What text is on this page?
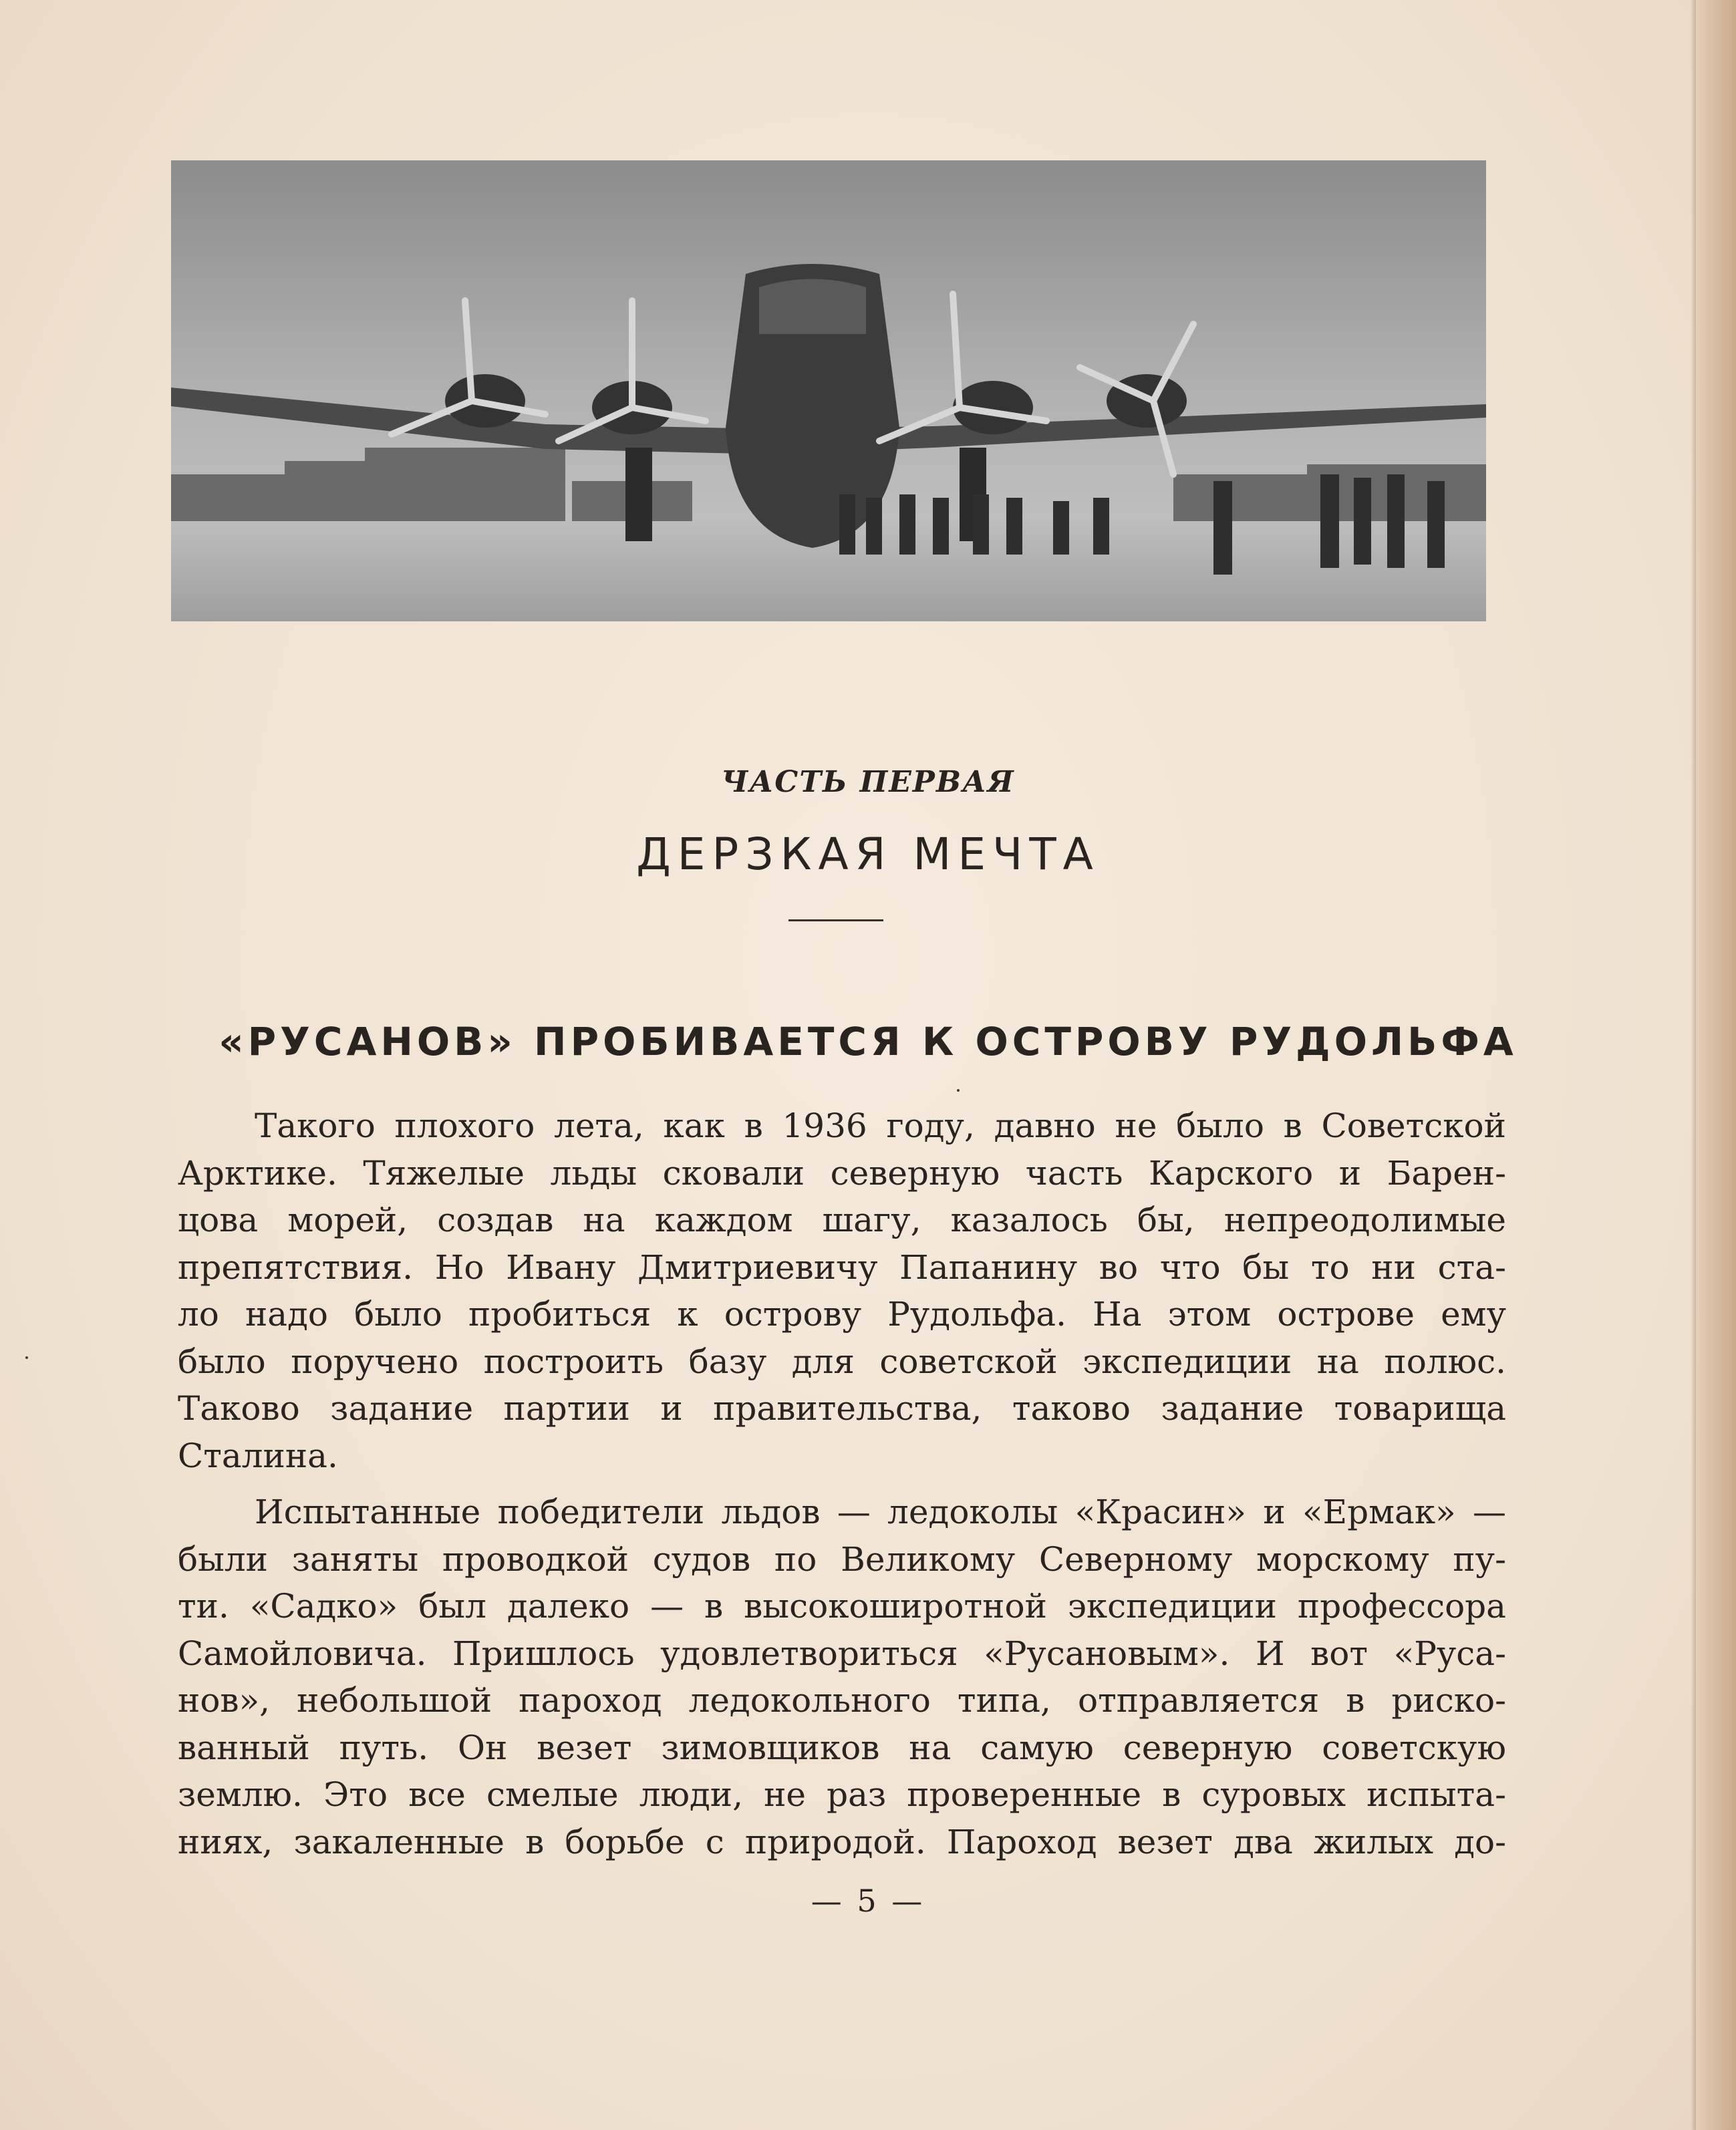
ЧАСТЬ ПЕРВАЯ
ДЕРЗКАЯ МЕЧТА
«РУСАНОВ» ПРОБИВАЕТСЯ К ОСТРОВУ РУДОЛЬФА
Такого плохого лета, как в 1936 году, давно не было в Советской
Арктике. Тяжелые льды сковали северную часть Карского и Барен-
цова морей, создав на каждом шагу, казалось бы, непреодолимые
препятствия. Но Ивану Дмитриевичу Папанину во что бы то ни ста-
ло надо было пробиться к острову Рудольфа. На этом острове ему
было поручено построить базу для советской экспедиции на полюс.
Таково задание партии и правительства, таково задание товарища
Сталина.
Испытанные победители льдов — ледоколы «Красин» и «Ермак» —
были заняты проводкой судов по Великому Северному морскому пу-
ти. «Садко» был далеко — в высокоширотной экспедиции профессора
Самойловича. Пришлось удовлетвориться «Русановым». И вот «Руса-
нов», небольшой пароход ледокольного типа, отправляется в риско-
ванный путь. Он везет зимовщиков на самую северную советскую
землю. Это все смелые люди, не раз проверенные в суровых испыта-
ниях, закаленные в борьбе с природой. Пароход везет два жилых до-
— 5 —
